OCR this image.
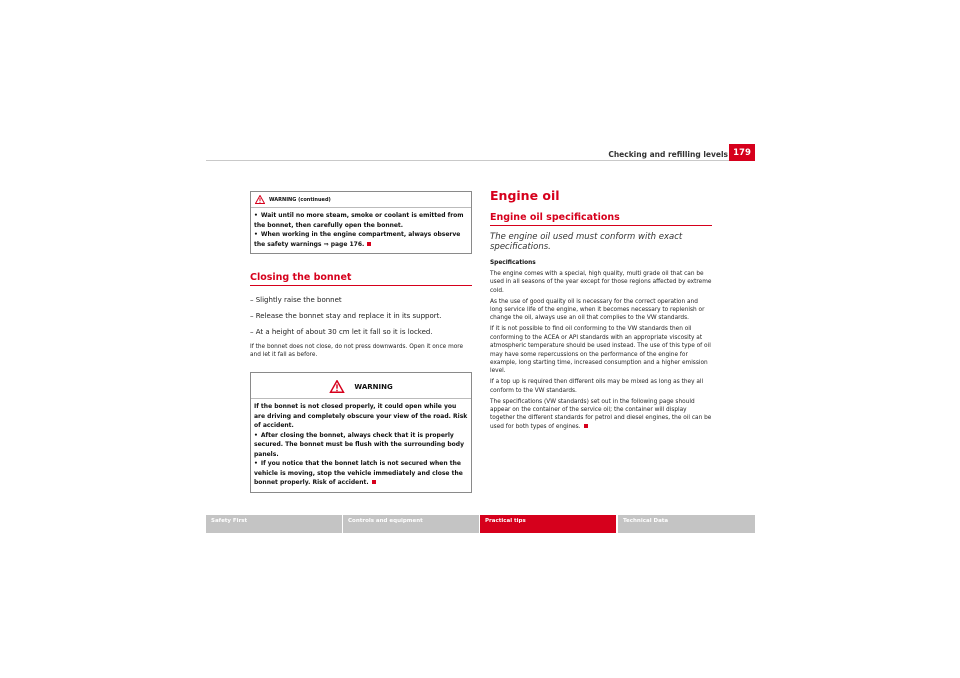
Checking and refilling levels 179
WARNING (continued)

• Wait until no more steam, smoke or coolant is emitted from the bonnet, then carefully open the bonnet.

• When working in the engine compartment, always observe the safety warnings ⇒ page 176.

Closing the bonnet
– Slightly raise the bonnet
– Release the bonnet stay and replace it in its support.
– At a height of about 30 cm let it fall so it is locked.
If the bonnet does not close, do not press downwards. Open it once more and let it fall as before.
WARNING

If the bonnet is not closed properly, it could open while you are driving and completely obscure your view of the road. Risk of accident.

• After closing the bonnet, always check that it is properly secured. The bonnet must be flush with the surrounding body panels.

• If you notice that the bonnet latch is not secured when the vehicle is moving, stop the vehicle immediately and close the bonnet properly. Risk of accident.

Engine oil
Engine oil specifications
The engine oil used must conform with exact specifications.

Specifications

The engine comes with a special, high quality, multi grade oil that can be used in all seasons of the year except for those regions affected by extreme cold.

As the use of good quality oil is necessary for the correct operation and long service life of the engine, when it becomes necessary to replenish or change the oil, always use an oil that complies to the VW standards.

If it is not possible to find oil conforming to the VW standards then oil conforming to the ACEA or API standards with an appropriate viscosity at atmospheric temperature should be used instead. The use of this type of oil may have some repercussions on the performance of the engine for example, long starting time, increased consumption and a higher emission level.

If a top up is required then different oils may be mixed as long as they all conform to the VW standards.

The specifications (VW standards) set out in the following page should appear on the container of the service oil; the container will display together the different standards for petrol and diesel engines, the oil can be used for both types of engines.

Safety First	Controls and equipment	Practical tips	Technical Data
